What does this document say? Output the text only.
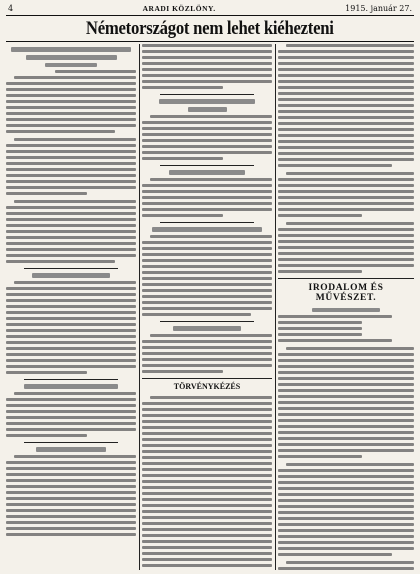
4	ARADI KÖZLÖNY.	1915. január 27.
Németországot nem lehet kiéhezteni
TÖRVÉNYKÉZÉS
IRODALOM ÉS MŰVÉSZET.
